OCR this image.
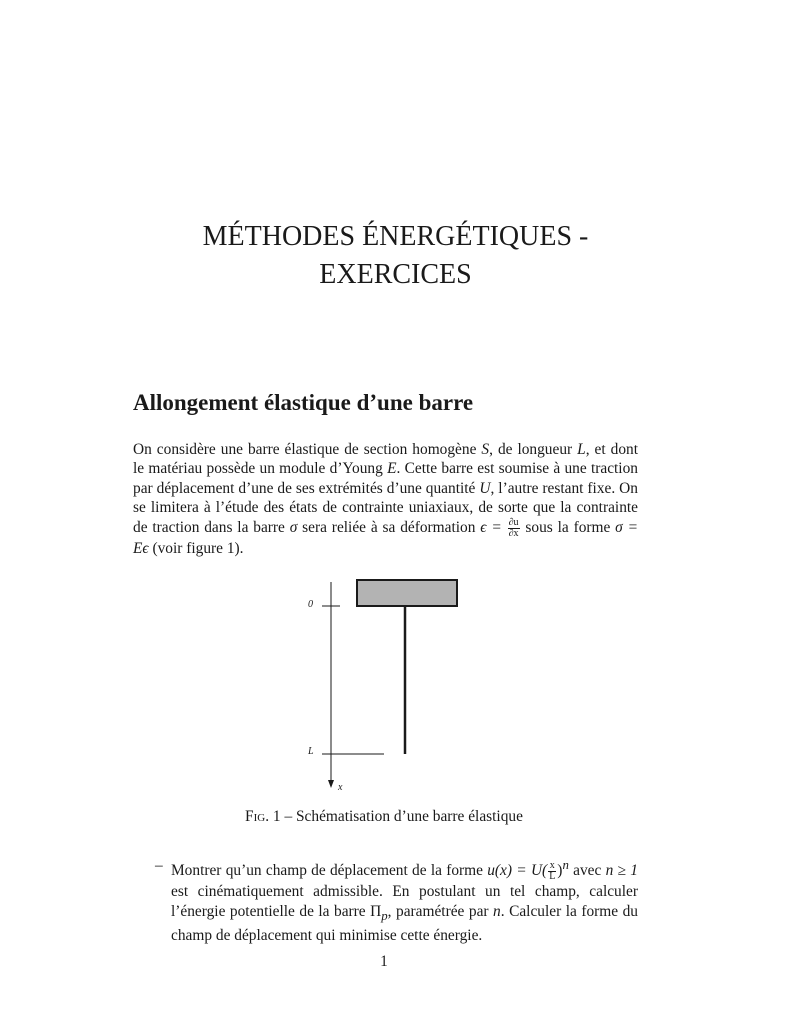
MÉTHODES ÉNERGÉTIQUES -
EXERCICES
Allongement élastique d’une barre

On considère une barre élastique de section homogène S, de longueur L, et dont le matériau possède un module d’Young E. Cette barre est soumise à une traction par déplacement d’une de ses extrémités d’une quantité U, l’autre restant fixe. On se limitera à l’étude des états de contrainte uniaxiaux, de sorte que la contrainte de traction dans la barre σ sera reliée à sa déformation $\epsilon = \frac{\partial u}{\partial x}$ sous la forme σ = Eϵ (voir figure 1).

0
L
x

Fig. 1 – Schématisation d’une barre élastique

– Montrer qu’un champ de déplacement de la forme $u(x) = U( \frac{x}{L} )^n$ avec n ≥ 1 est cinématiquement admissible. En postulant un tel champ, calculer l’énergie potentielle de la barre $\Pi_p$, paramétrée par n. Calculer la forme du champ de déplacement qui minimise cette énergie.
1
